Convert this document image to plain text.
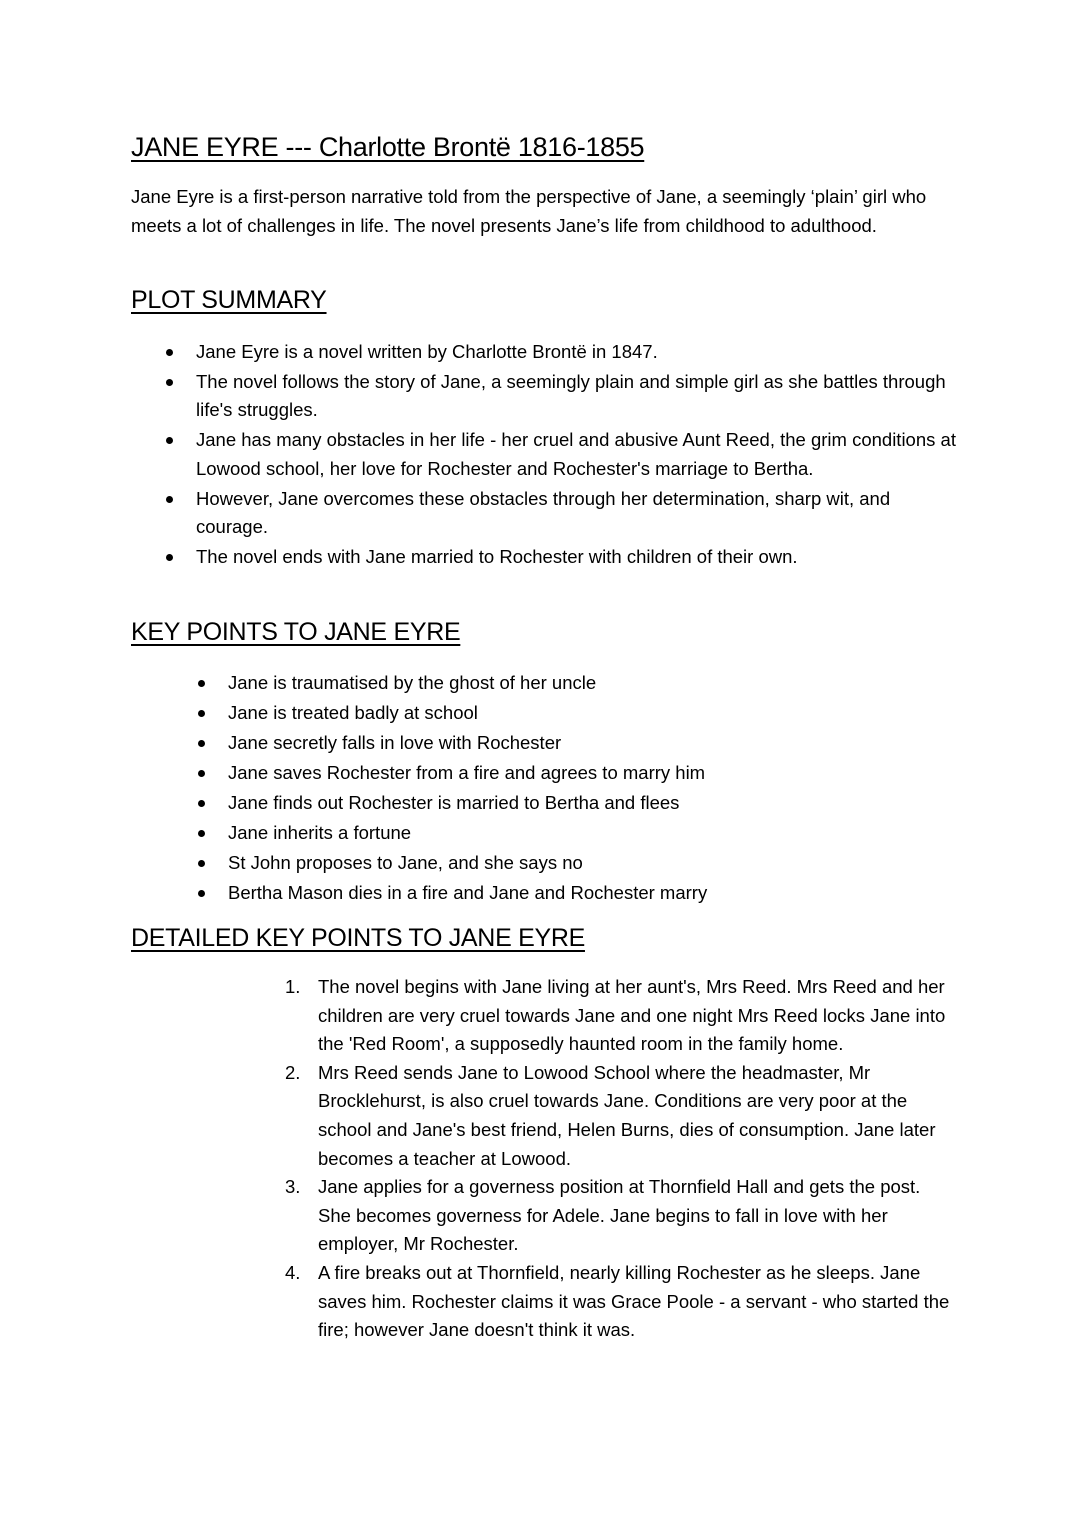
JANE EYRE --- Charlotte Brontë 1816-1855

Jane Eyre is a first-person narrative told from the perspective of Jane, a seemingly ‘plain’ girl who meets a lot of challenges in life. The novel presents Jane’s life from childhood to adulthood.

PLOT SUMMARY
Jane Eyre is a novel written by Charlotte Brontë in 1847.
The novel follows the story of Jane, a seemingly plain and simple girl as she battles through life's struggles.
Jane has many obstacles in her life - her cruel and abusive Aunt Reed, the grim conditions at Lowood school, her love for Rochester and Rochester's marriage to Bertha.
However, Jane overcomes these obstacles through her determination, sharp wit, and courage.
The novel ends with Jane married to Rochester with children of their own.
KEY POINTS TO JANE EYRE
Jane is traumatised by the ghost of her uncle
Jane is treated badly at school
Jane secretly falls in love with Rochester
Jane saves Rochester from a fire and agrees to marry him
Jane finds out Rochester is married to Bertha and flees
Jane inherits a fortune
St John proposes to Jane, and she says no
Bertha Mason dies in a fire and Jane and Rochester marry
DETAILED KEY POINTS TO JANE EYRE
1. The novel begins with Jane living at her aunt's, Mrs Reed. Mrs Reed and her children are very cruel towards Jane and one night Mrs Reed locks Jane into the 'Red Room', a supposedly haunted room in the family home.
2. Mrs Reed sends Jane to Lowood School where the headmaster, Mr Brocklehurst, is also cruel towards Jane. Conditions are very poor at the school and Jane's best friend, Helen Burns, dies of consumption. Jane later becomes a teacher at Lowood.
3. Jane applies for a governess position at Thornfield Hall and gets the post. She becomes governess for Adele. Jane begins to fall in love with her employer, Mr Rochester.
4. A fire breaks out at Thornfield, nearly killing Rochester as he sleeps. Jane saves him. Rochester claims it was Grace Poole - a servant - who started the fire; however Jane doesn't think it was.
